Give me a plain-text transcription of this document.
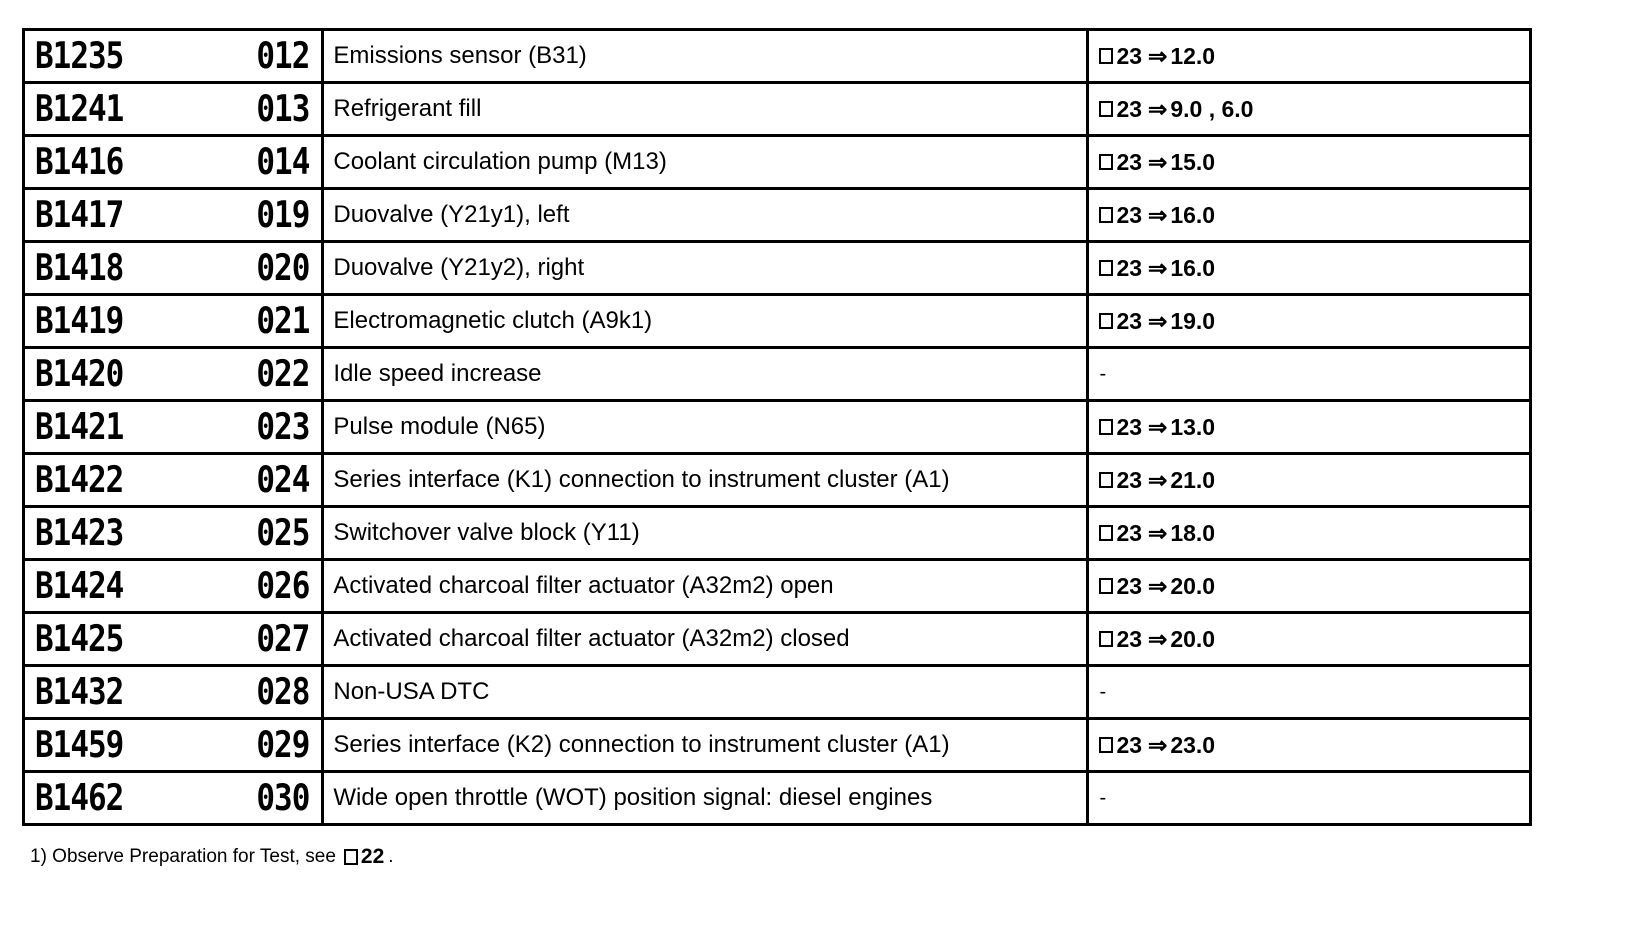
B1235 012	Emissions sensor (B31)	23 ⇒ 12.0

B1241 013	Refrigerant fill	23 ⇒ 9.0 , 6.0

B1416 014	Coolant circulation pump (M13)	23 ⇒ 15.0

B1417 019	Duovalve (Y21y1), left	23 ⇒ 16.0

B1418 020	Duovalve (Y21y2), right	23 ⇒ 16.0

B1419 021	Electromagnetic clutch (A9k1)	23 ⇒ 19.0

B1420 022	Idle speed increase	-

B1421 023	Pulse module (N65)	23 ⇒ 13.0

B1422 024	Series interface (K1) connection to instrument cluster (A1)	23 ⇒ 21.0

B1423 025	Switchover valve block (Y11)	23 ⇒ 18.0

B1424 026	Activated charcoal filter actuator (A32m2) open	23 ⇒ 20.0

B1425 027	Activated charcoal filter actuator (A32m2) closed	23 ⇒ 20.0

B1432 028	Non-USA DTC	-

B1459 029	Series interface (K2) connection to instrument cluster (A1)	23 ⇒ 23.0

B1462 030	Wide open throttle (WOT) position signal: diesel engines	-
1) Observe Preparation for Test, see 22 .
